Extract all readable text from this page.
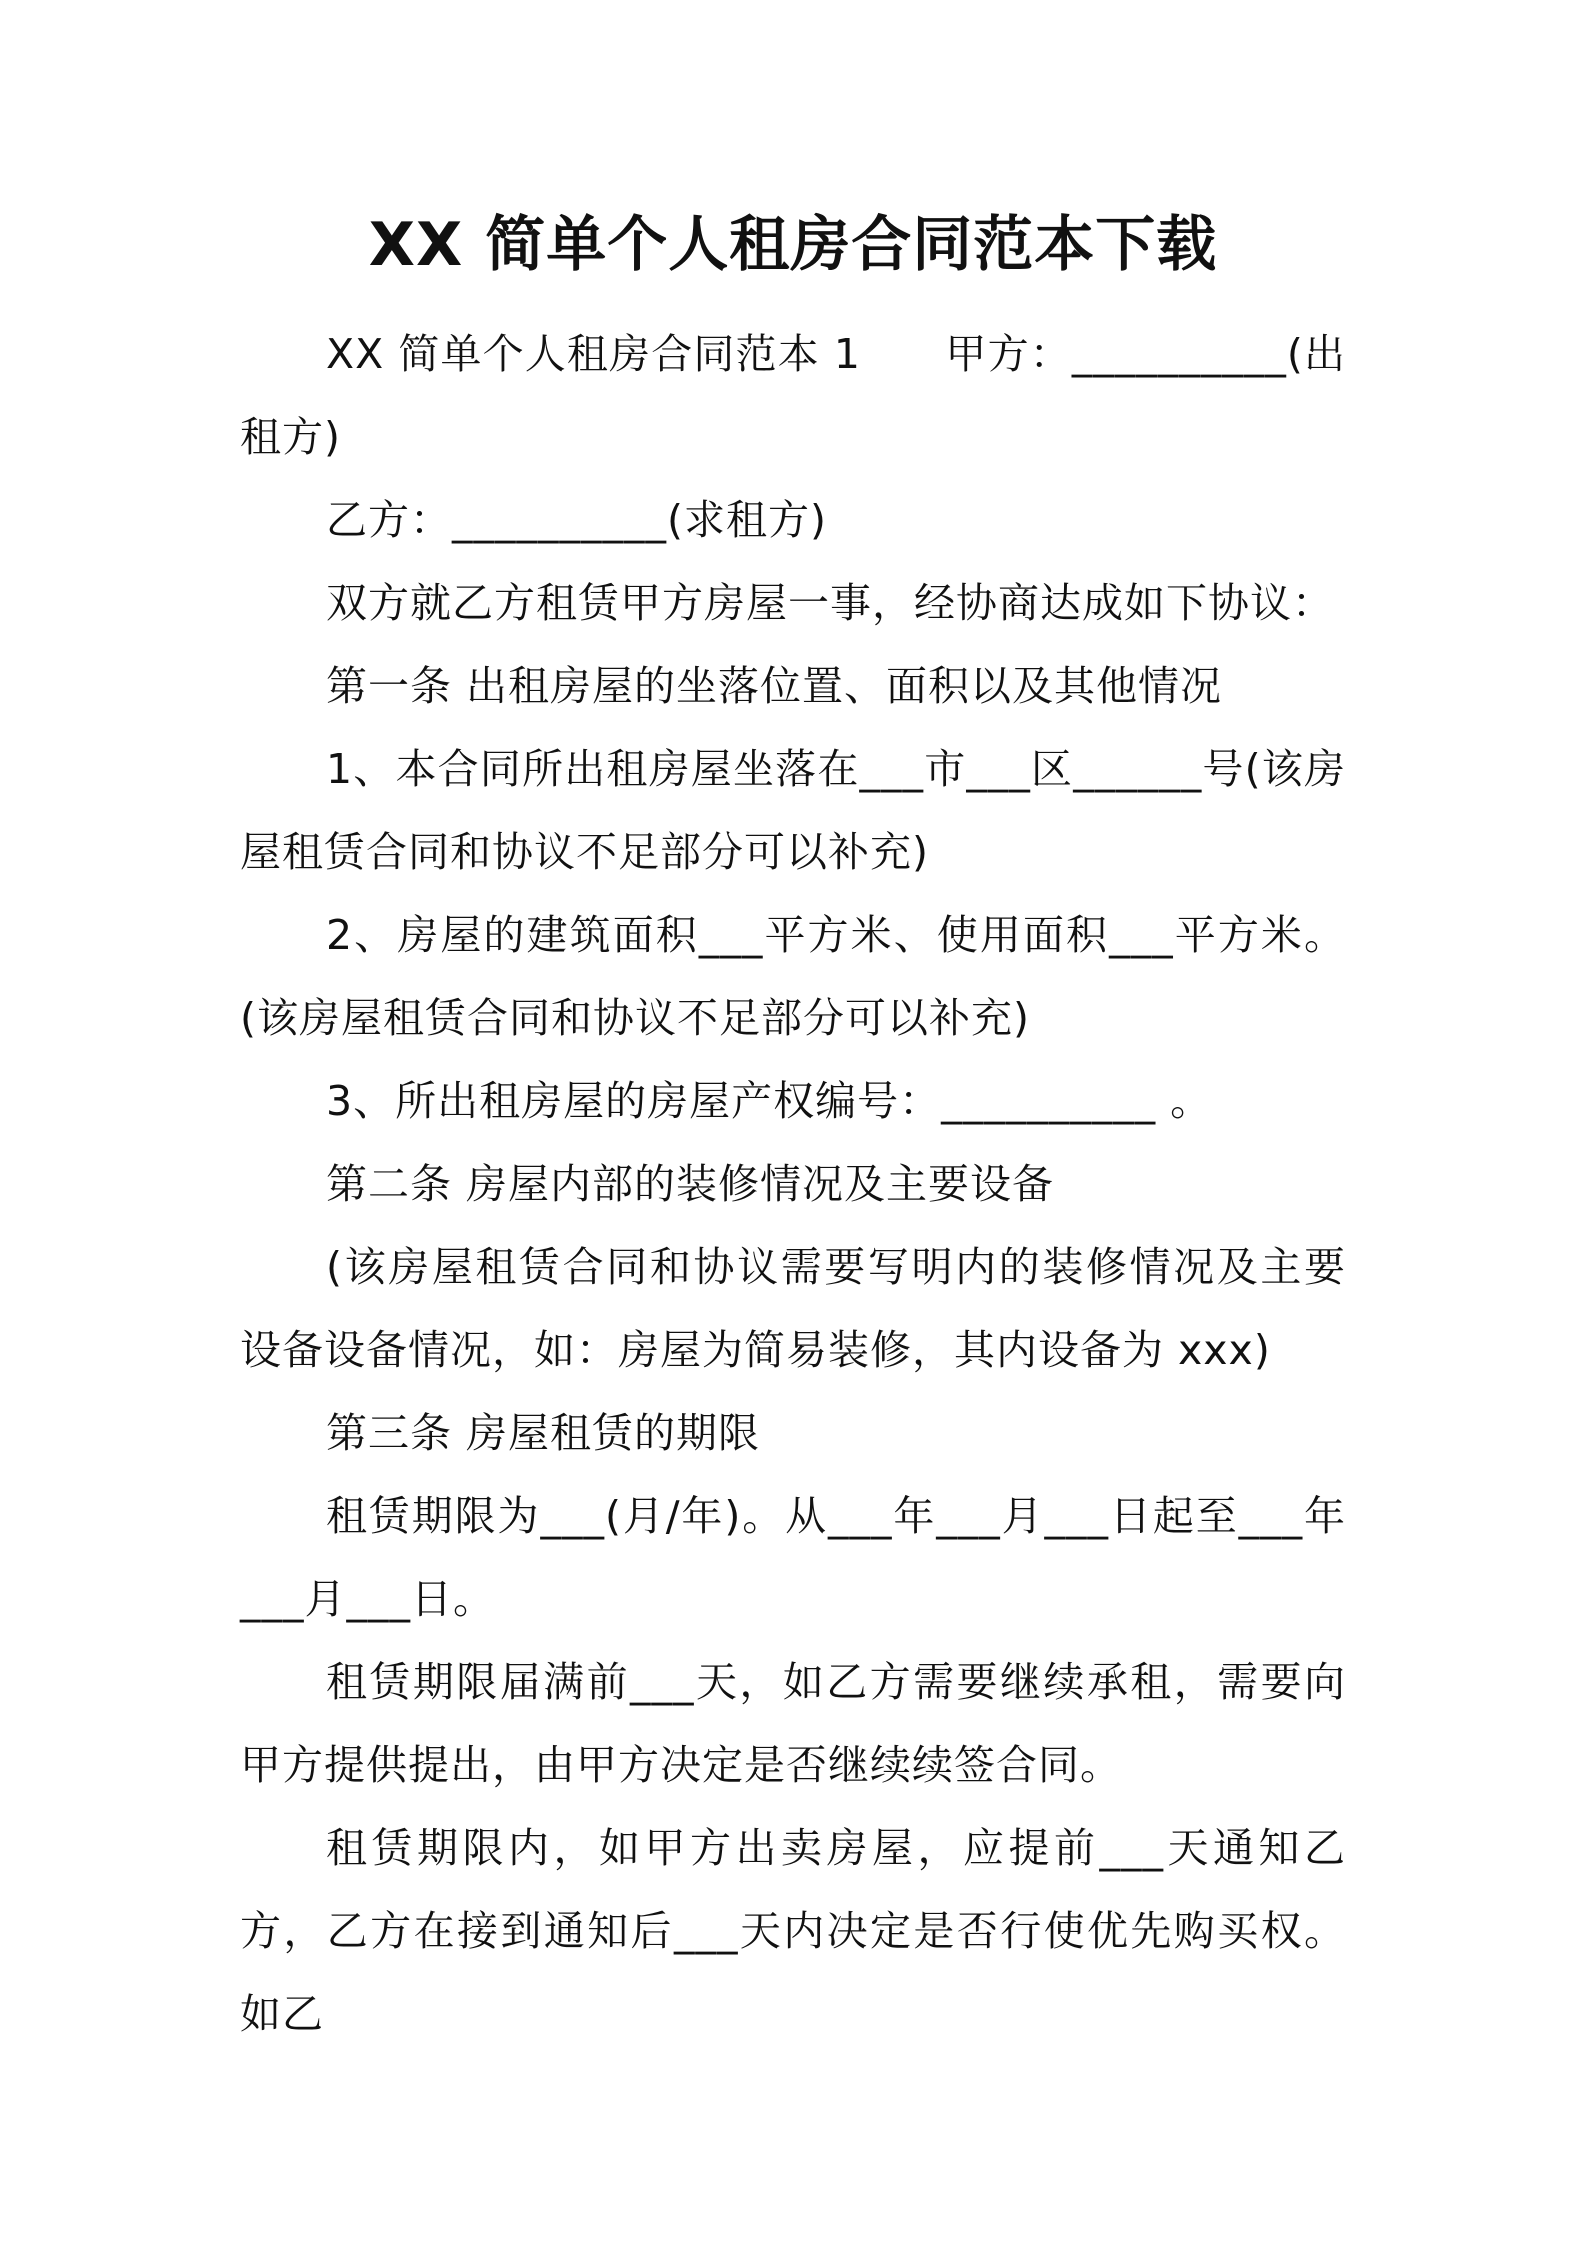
XX 简单个人租房合同范本下载

XX 简单个人租房合同范本 1　　甲方：__________(出租方)

乙方：__________(求租方)

双方就乙方租赁甲方房屋一事，经协商达成如下协议：

第一条 出租房屋的坐落位置、面积以及其他情况

1、本合同所出租房屋坐落在___市___区______号(该房屋租赁合同和协议不足部分可以补充)

2、房屋的建筑面积___平方米、使用面积___平方米。(该房屋租赁合同和协议不足部分可以补充)

3、所出租房屋的房屋产权编号：__________ 。

第二条 房屋内部的装修情况及主要设备

(该房屋租赁合同和协议需要写明内的装修情况及主要设备设备情况，如：房屋为简易装修，其内设备为 xxx)

第三条 房屋租赁的期限

租赁期限为___(月/年)。从___年___月___日起至___年___月___日。

租赁期限届满前___天，如乙方需要继续承租，需要向甲方提供提出，由甲方决定是否继续续签合同。

租赁期限内，如甲方出卖房屋，应提前___天通知乙方，乙方在接到通知后___天内决定是否行使优先购买权。如乙
